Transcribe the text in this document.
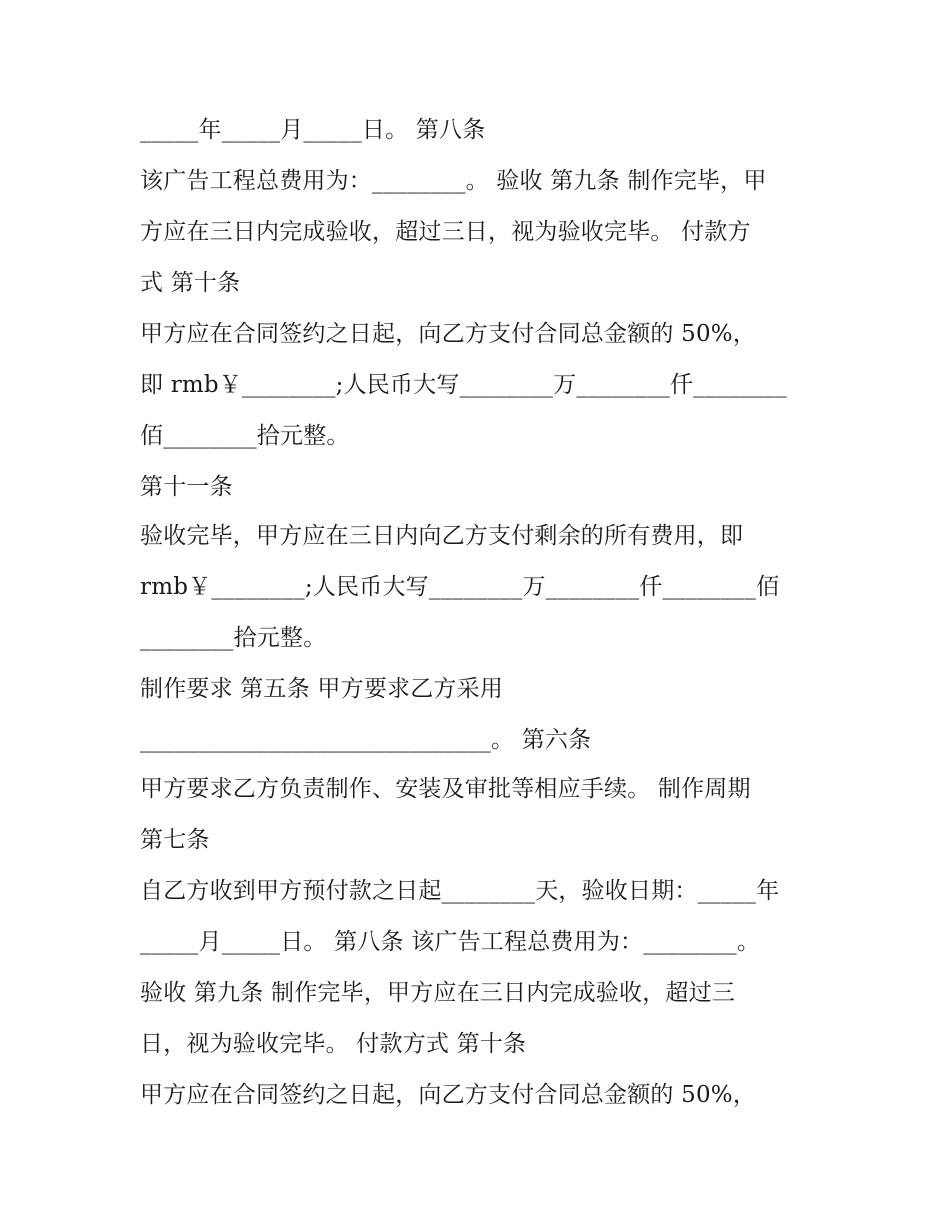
_____年_____月_____日。 第八条

该广告工程总费用为：________。 验收 第九条 制作完毕，甲

方应在三日内完成验收，超过三日，视为验收完毕。 付款方

式 第十条

甲方应在合同签约之日起，向乙方支付合同总金额的 50%，

即 rmb￥________;人民币大写________万________仟________

佰________拾元整。

第十一条

验收完毕，甲方应在三日内向乙方支付剩余的所有费用，即

rmb￥________;人民币大写________万________仟________佰

________拾元整。

制作要求 第五条 甲方要求乙方采用

______________________________。 第六条

甲方要求乙方负责制作、安装及审批等相应手续。 制作周期

第七条

自乙方收到甲方预付款之日起________天，验收日期：_____年

_____月_____日。 第八条 该广告工程总费用为：________。

验收 第九条 制作完毕，甲方应在三日内完成验收，超过三

日，视为验收完毕。 付款方式 第十条

甲方应在合同签约之日起，向乙方支付合同总金额的 50%，
